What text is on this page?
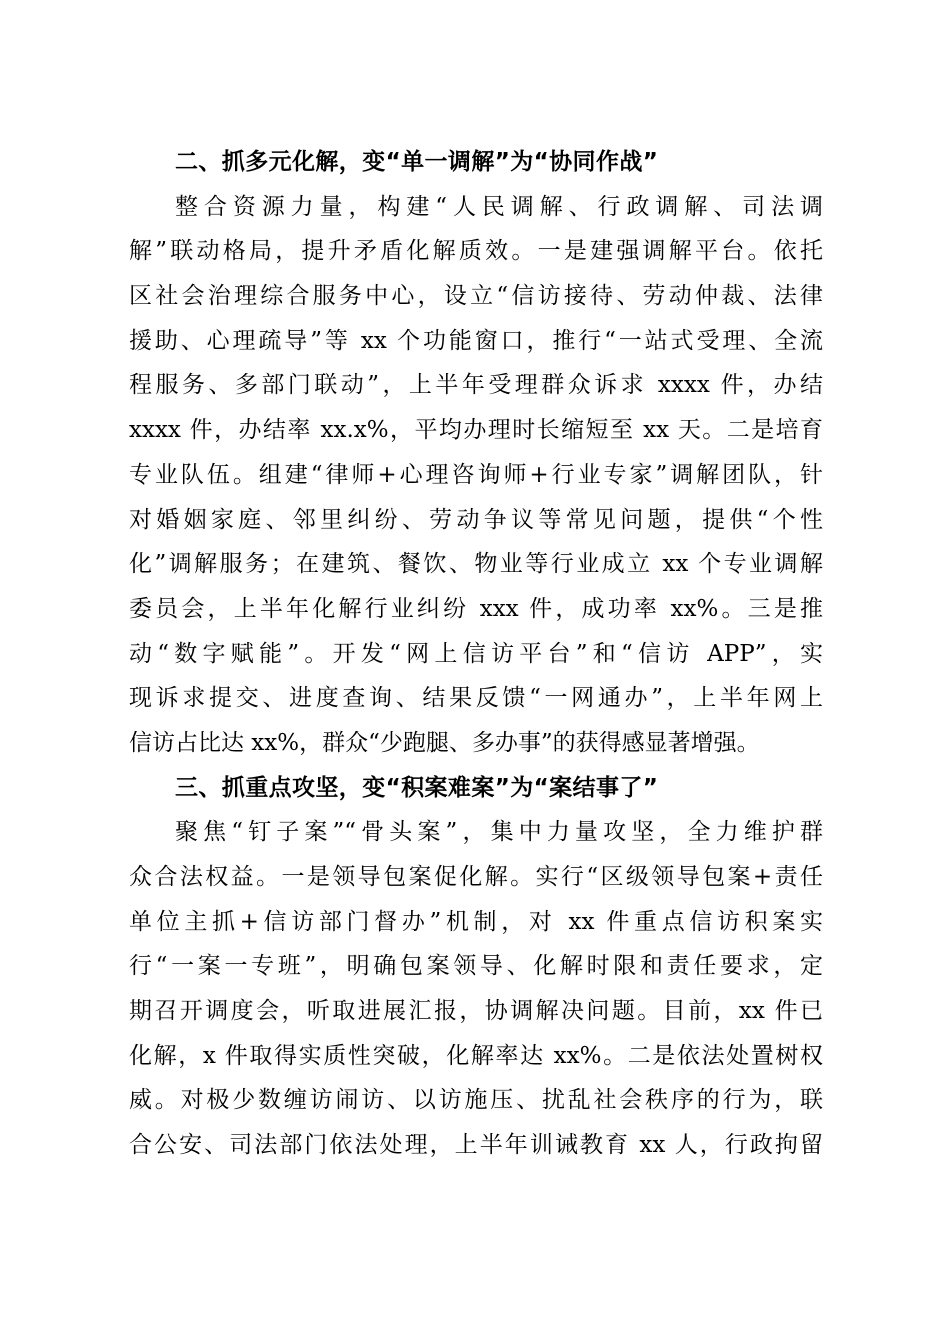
二、抓多元化解，变“单一调解”为“协同作战”
整合资源力量，构建“人民调解、行政调解、司法调
解”联动格局，提升矛盾化解质效。一是建强调解平台。依托
区社会治理综合服务中心，设立“信访接待、劳动仲裁、法律
援助、心理疏导”等 xx 个功能窗口，推行“一站式受理、全流
程服务、多部门联动”，上半年受理群众诉求 xxxx 件，办结
xxxx 件，办结率 xx.x%，平均办理时长缩短至 xx 天。二是培育
专业队伍。组建“律师+心理咨询师+行业专家”调解团队，针
对婚姻家庭、邻里纠纷、劳动争议等常见问题，提供“个性
化”调解服务；在建筑、餐饮、物业等行业成立 xx 个专业调解
委员会，上半年化解行业纠纷 xxx 件，成功率 xx%。三是推
动“数字赋能”。开发“网上信访平台”和“信访 APP”，实
现诉求提交、进度查询、结果反馈“一网通办”，上半年网上
信访占比达 xx%，群众“少跑腿、多办事”的获得感显著增强。
三、抓重点攻坚，变“积案难案”为“案结事了”
聚焦“钉子案”“骨头案”，集中力量攻坚，全力维护群
众合法权益。一是领导包案促化解。实行“区级领导包案+责任
单位主抓+信访部门督办”机制，对 xx 件重点信访积案实
行“一案一专班”，明确包案领导、化解时限和责任要求，定
期召开调度会，听取进展汇报，协调解决问题。目前，xx 件已
化解，x 件取得实质性突破，化解率达 xx%。二是依法处置树权
威。对极少数缠访闹访、以访施压、扰乱社会秩序的行为，联
合公安、司法部门依法处理，上半年训诫教育 xx 人，行政拘留
